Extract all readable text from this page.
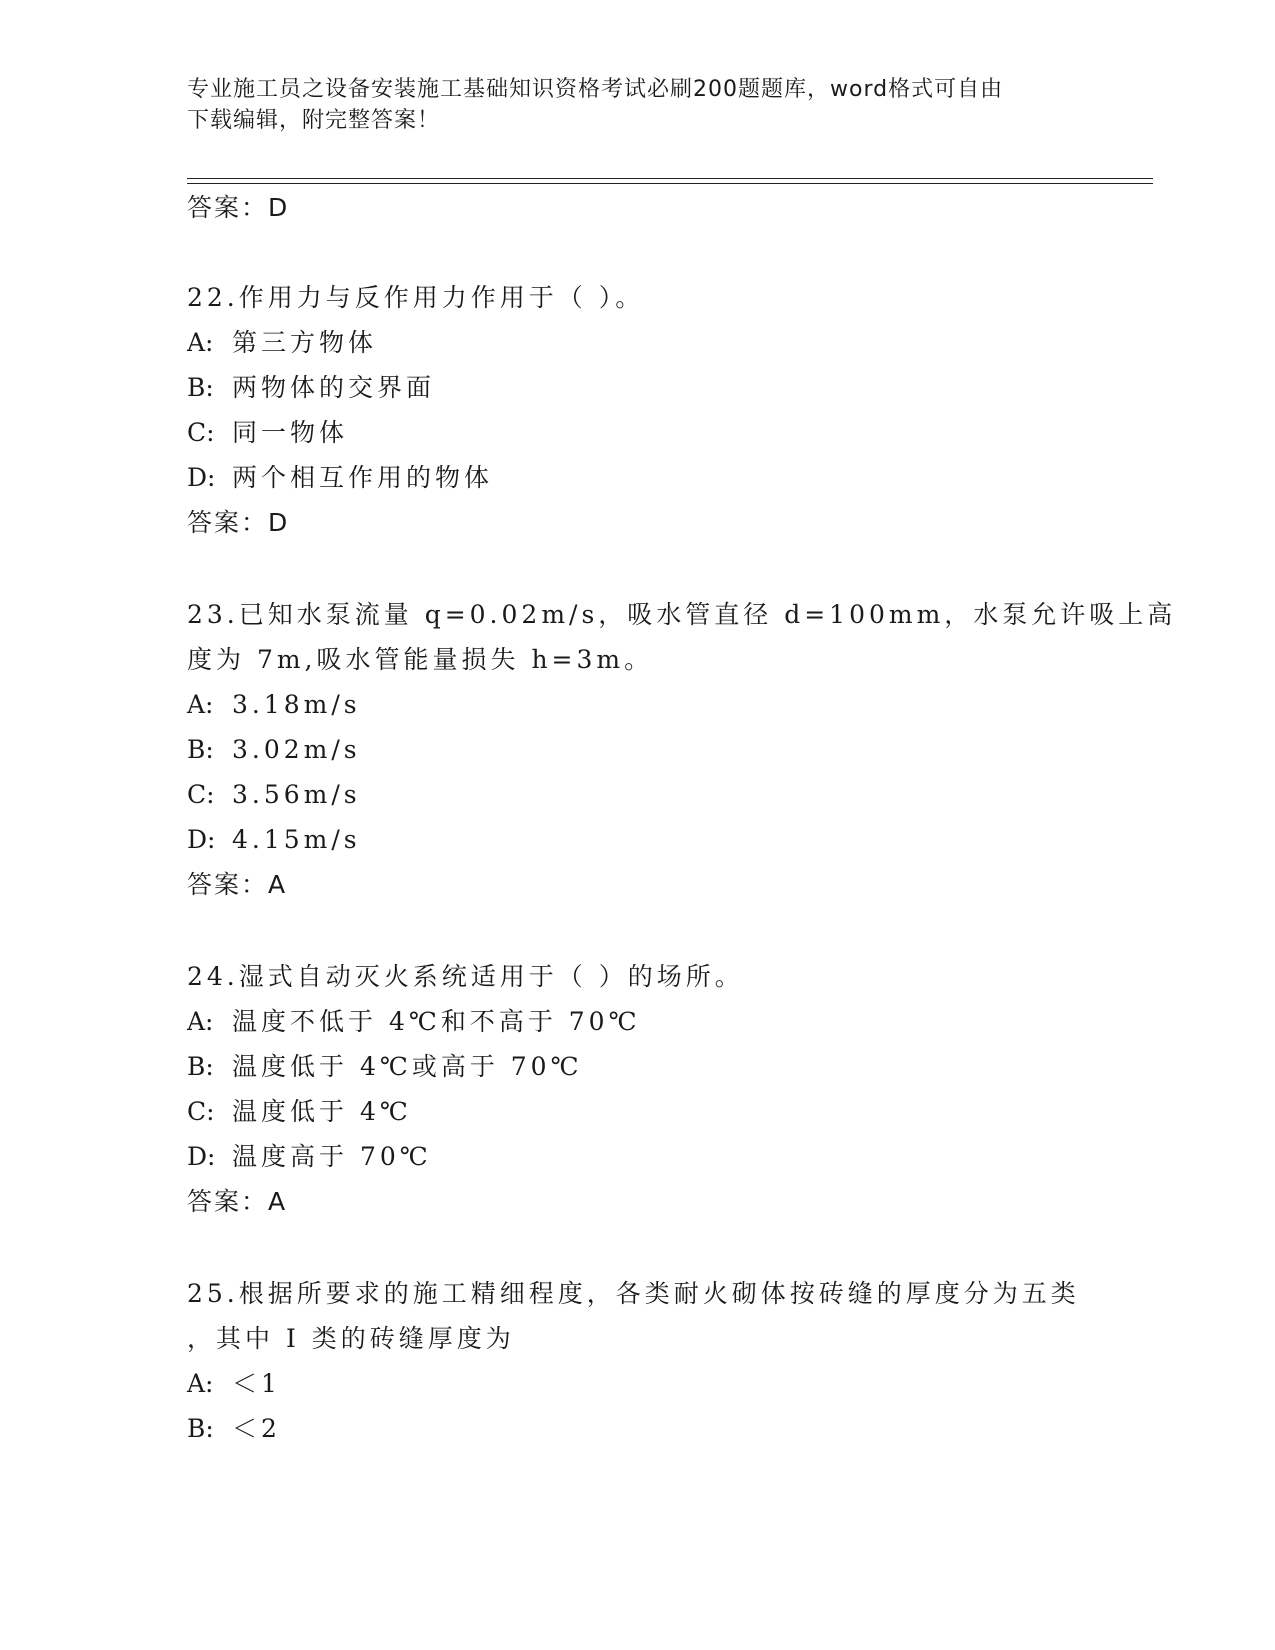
专业施工员之设备安装施工基础知识资格考试必刷200题题库，word格式可自由
下载编辑，附完整答案！
答案：D
22.作用力与反作用力作用于（ ）。
A: 第三方物体
B: 两物体的交界面
C: 同一物体
D: 两个相互作用的物体
答案：D
23.已知水泵流量 q=0.02m/s，吸水管直径 d=100mm，水泵允许吸上高
度为 7m,吸水管能量损失 h=3m。
A: 3.18m/s
B: 3.02m/s
C: 3.56m/s
D: 4.15m/s
答案：A
24.湿式自动灭火系统适用于（ ）的场所。
A: 温度不低于 4℃和不高于 70℃
B: 温度低于 4℃或高于 70℃
C: 温度低于 4℃
D: 温度高于 70℃
答案：A
25.根据所要求的施工精细程度，各类耐火砌体按砖缝的厚度分为五类
，其中 I 类的砖缝厚度为
A: ＜1
B: ＜2
